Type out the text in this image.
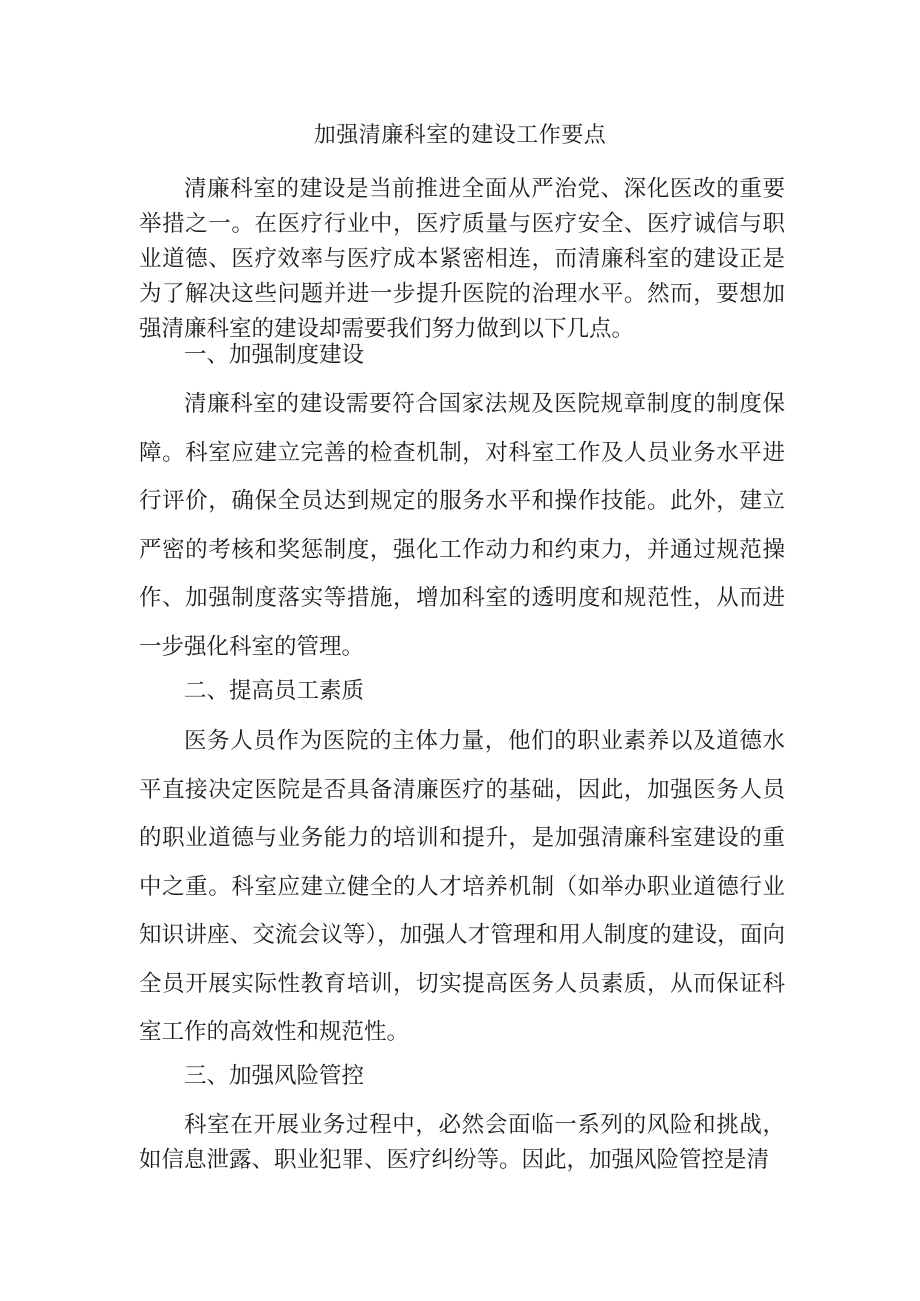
加强清廉科室的建设工作要点

清廉科室的建设是当前推进全面从严治党、深化医改的重要举措之一。在医疗行业中，医疗质量与医疗安全、医疗诚信与职业道德、医疗效率与医疗成本紧密相连，而清廉科室的建设正是为了解决这些问题并进一步提升医院的治理水平。然而，要想加强清廉科室的建设却需要我们努力做到以下几点。

一、加强制度建设

清廉科室的建设需要符合国家法规及医院规章制度的制度保障。科室应建立完善的检查机制，对科室工作及人员业务水平进行评价，确保全员达到规定的服务水平和操作技能。此外，建立严密的考核和奖惩制度，强化工作动力和约束力，并通过规范操作、加强制度落实等措施，增加科室的透明度和规范性，从而进一步强化科室的管理。

二、提高员工素质

医务人员作为医院的主体力量，他们的职业素养以及道德水平直接决定医院是否具备清廉医疗的基础，因此，加强医务人员的职业道德与业务能力的培训和提升，是加强清廉科室建设的重中之重。科室应建立健全的人才培养机制（如举办职业道德行业知识讲座、交流会议等），加强人才管理和用人制度的建设，面向全员开展实际性教育培训，切实提高医务人员素质，从而保证科室工作的高效性和规范性。

三、加强风险管控

科室在开展业务过程中，必然会面临一系列的风险和挑战，如信息泄露、职业犯罪、医疗纠纷等。因此，加强风险管控是清
